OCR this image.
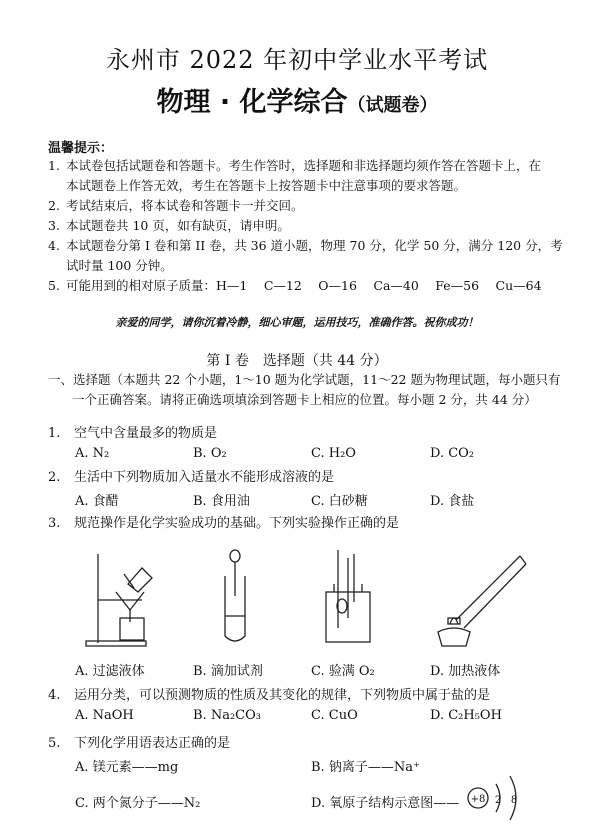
永州市 2022 年初中学业水平考试
物理 · 化学综合（试题卷）
温馨提示：
1. 本试卷包括试题卷和答题卡。考生作答时，选择题和非选择题均须作答在答题卡上，在
本试题卷上作答无效，考生在答题卡上按答题卡中注意事项的要求答题。
2. 考试结束后，将本试卷和答题卡一并交回。
3. 本试题卷共 10 页，如有缺页，请申明。
4. 本试题卷分第 I 卷和第 II 卷，共 36 道小题，物理 70 分，化学 50 分，满分 120 分，考
试时量 100 分钟。
5. 可能用到的相对原子质量：H—1　 C—12　 O—16　 Ca—40　 Fe—56　 Cu—64
亲爱的同学，请你沉着冷静，细心审题，运用技巧，准确作答。祝你成功！
第 I 卷　选择题（共 44 分）
一、选择题（本题共 22 个小题，1～10 题为化学试题，11～22 题为物理试题，每小题只有
一个正确答案。请将正确选项填涂到答题卡上相应的位置。每小题 2 分，共 44 分）
1. 空气中含量最多的物质是
A. N₂	B. O₂	C. H₂O	D. CO₂
2. 生活中下列物质加入适量水不能形成溶液的是
A. 食醋	B. 食用油	C. 白砂糖	D. 食盐
3. 规范操作是化学实验成功的基础。下列实验操作正确的是
A. 过滤液体	B. 滴加试剂	C. 验满 O₂	D. 加热液体
4. 运用分类，可以预测物质的性质及其变化的规律，下列物质中属于盐的是
A. NaOH	B. Na₂CO₃	C. CuO	D. C₂H₅OH
5. 下列化学用语表达正确的是
A. 镁元素——mg	B. 钠离子——Na⁺
C. 两个氮分子——N₂	D. 氧原子结构示意图—— +8 2 8
